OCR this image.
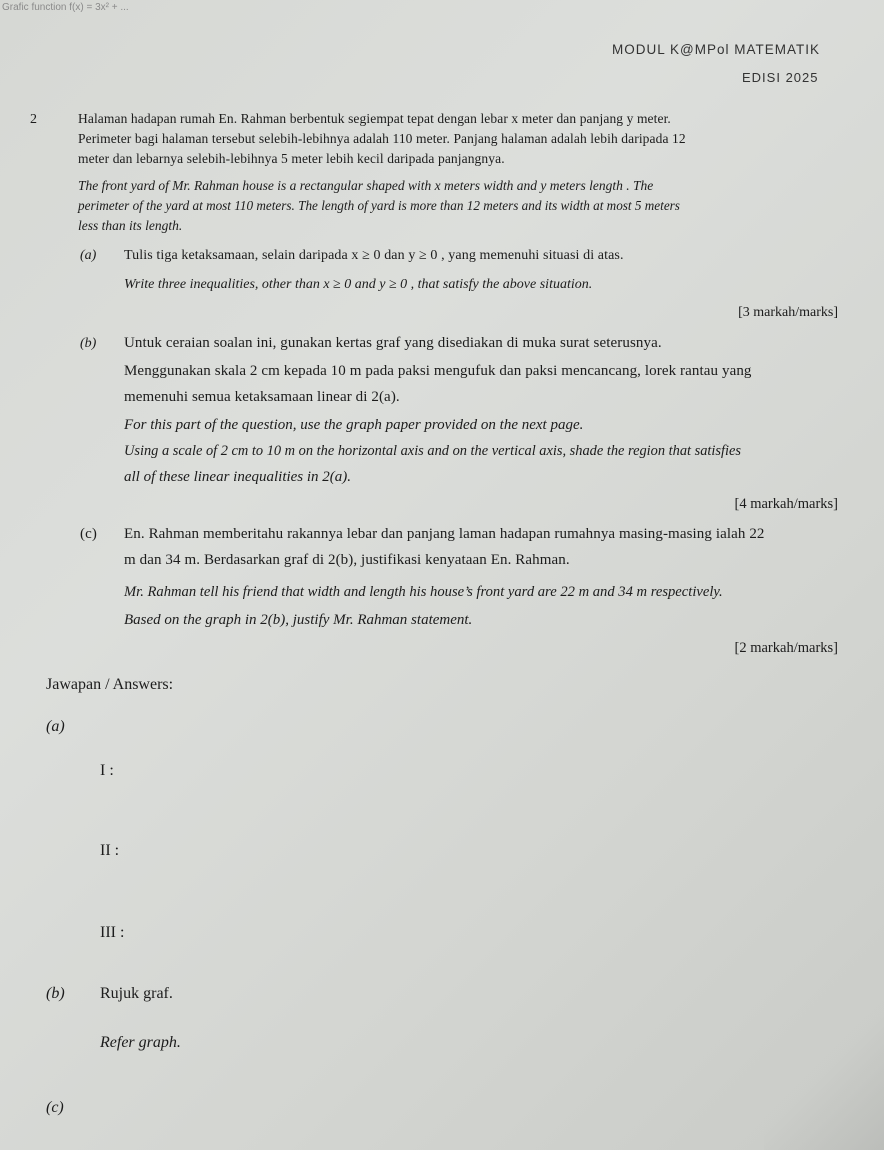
Grafic function f(x) = 3x² + ...
MODUL K@MPol MATEMATIK
EDISI 2025
2	Halaman hadapan rumah En. Rahman berbentuk segiempat tepat dengan lebar x meter dan panjang y meter.
Perimeter bagi halaman tersebut selebih-lebihnya adalah 110 meter. Panjang halaman adalah lebih daripada 12
meter dan lebarnya selebih-lebihnya 5 meter lebih kecil daripada panjangnya.
The front yard of Mr. Rahman house is a rectangular shaped with x meters width and y meters length . The
perimeter of the yard at most 110 meters. The length of yard is more than 12 meters and its width at most 5 meters
less than its length.
(a) Tulis tiga ketaksamaan, selain daripada x ≥ 0 dan y ≥ 0 , yang memenuhi situasi di atas.
Write three inequalities, other than x ≥ 0 and y ≥ 0 , that satisfy the above situation.
[3 markah/marks]
(b) Untuk ceraian soalan ini, gunakan kertas graf yang disediakan di muka surat seterusnya.
Menggunakan skala 2 cm kepada 10 m pada paksi mengufuk dan paksi mencancang, lorek rantau yang
memenuhi semua ketaksamaan linear di 2(a).
For this part of the question, use the graph paper provided on the next page.
Using a scale of 2 cm to 10 m on the horizontal axis and on the vertical axis, shade the region that satisfies
all of these linear inequalities in 2(a).
[4 markah/marks]
(c) En. Rahman memberitahu rakannya lebar dan panjang laman hadapan rumahnya masing-masing ialah 22
m dan 34 m. Berdasarkan graf di 2(b), justifikasi kenyataan En. Rahman.
Mr. Rahman tell his friend that width and length his house’s front yard are 22 m and 34 m respectively.
Based on the graph in 2(b), justify Mr. Rahman statement.
[2 markah/marks]
Jawapan / Answers:
(a)
I :
II :
III :
(b) Rujuk graf.
Refer graph.
(c)
